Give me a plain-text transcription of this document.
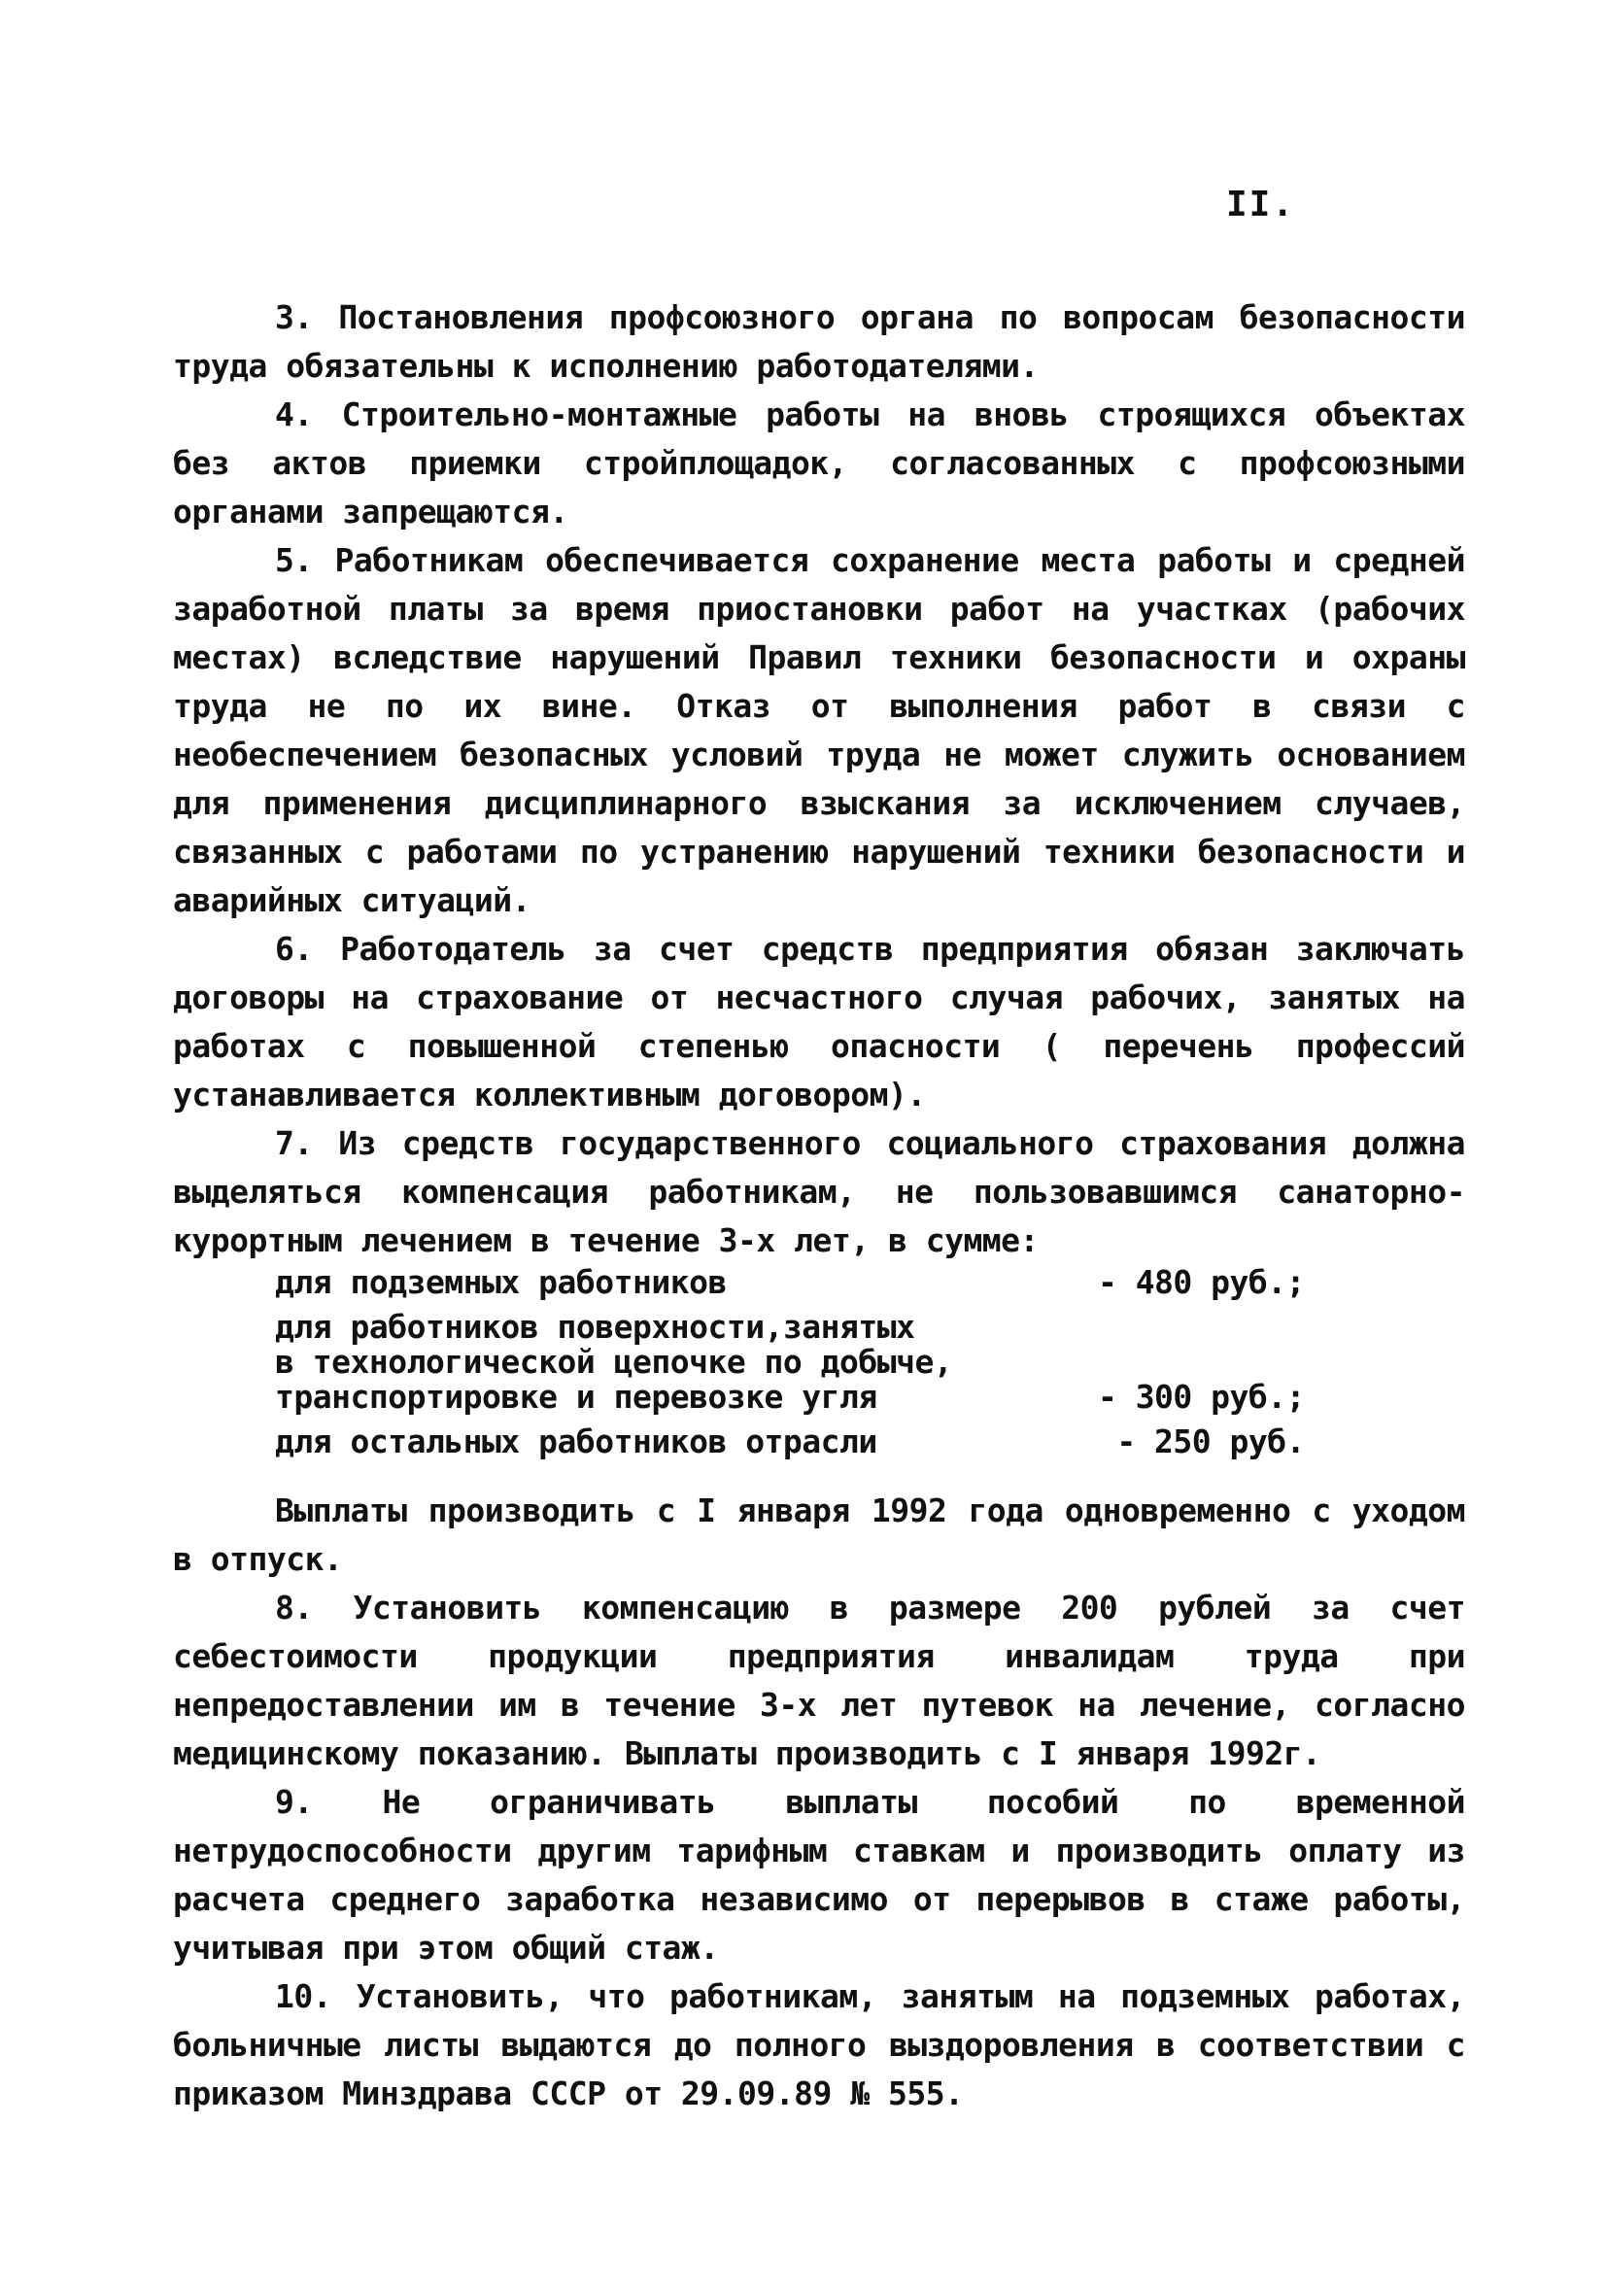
II.

3. Постановления профсоюзного органа по вопросам безопасности труда обязательны к исполнению работодателями.

4. Строительно-монтажные работы на вновь строящихся объектах без актов приемки стройплощадок, согласованных с профсоюзными органами запрещаются.

5. Работникам обеспечивается сохранение места работы и средней заработной платы за время приостановки работ на участках (рабочих местах) вследствие нарушений Правил техники безопасности и охраны труда не по их вине. Отказ от выполнения работ в связи с необеспечением безопасных условий труда не может служить основанием для применения дисциплинарного взыскания за исключением случаев, связанных с работами по устранению нарушений техники безопасности и аварийных ситуаций.

6. Работодатель за счет средств предприятия обязан заключать договоры на страхование от несчастного случая рабочих, занятых на работах с повышенной степенью опасности ( перечень профессий устанавливается коллективным договором).

7. Из средств государственного социального страхования должна выделяться компенсация работникам, не пользовавшимся санаторно-курортным лечением в течение 3-х лет, в сумме:

для подземных работников	- 480 руб.;
для работников поверхности,занятых
в технологической цепочке по добыче,
транспортировке и перевозке угля	- 300 руб.;
для остальных работников отрасли	- 250 руб.

Выплаты производить с I января 1992 года одновременно с уходом в отпуск.

8. Установить компенсацию в размере 200 рублей за счет себестоимости продукции предприятия инвалидам труда при непредоставлении им в течение 3-х лет путевок на лечение, согласно медицинскому показанию. Выплаты производить с I января 1992г.

9. Не ограничивать выплаты пособий по временной нетрудоспособности другим тарифным ставкам и производить оплату из расчета среднего заработка независимо от перерывов в стаже работы, учитывая при этом общий стаж.

10. Установить, что работникам, занятым на подземных работах, больничные листы выдаются до полного выздоровления в соответствии с приказом Минздрава СССР от 29.09.89 № 555.
